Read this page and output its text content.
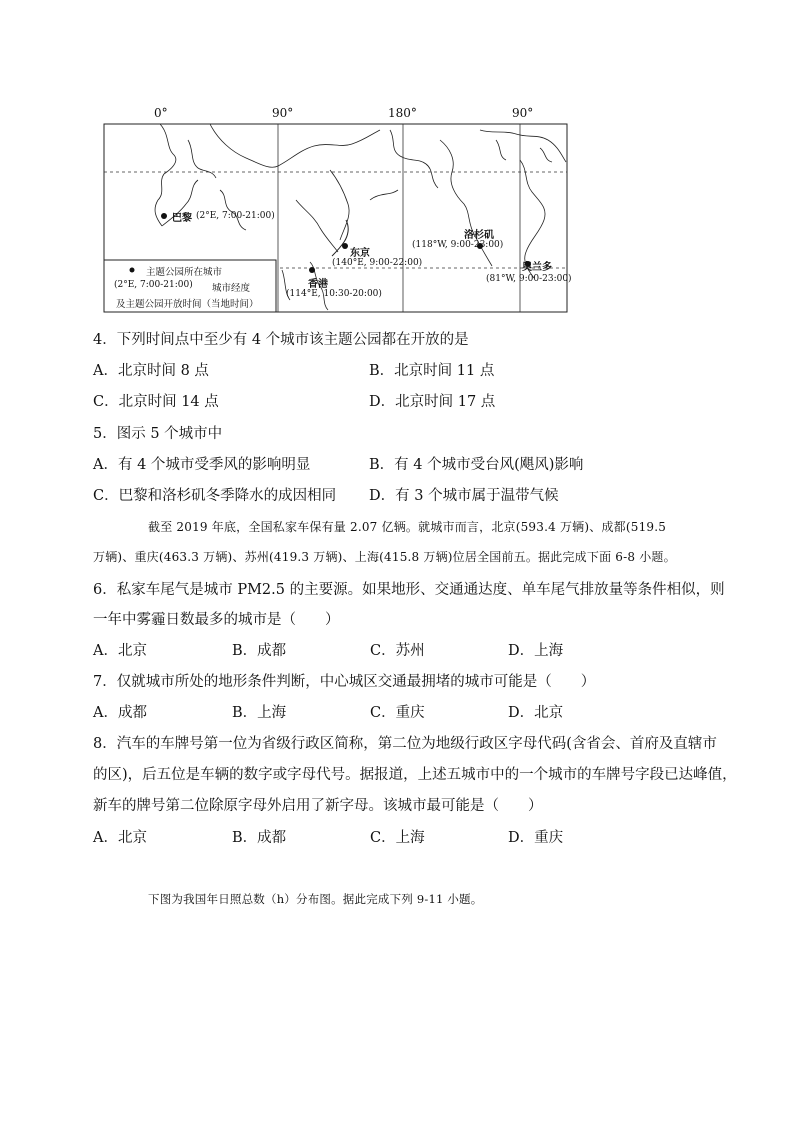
0°	90°	180°	90°
巴黎 (2°E, 7:00-21:00)
东京
(140°E, 9:00-22:00)
香港
(114°E, 10:30-20:00)
洛杉矶
(118°W, 9:00-23:00)
奥兰多
(81°W, 9:00-23:00)
主题公园所在城市
(2°E, 7:00-21:00) 城市经度
及主题公园开放时间（当地时间）
4．下列时间点中至少有 4 个城市该主题公园都在开放的是
A．北京时间 8 点	B．北京时间 11 点
C．北京时间 14 点	D．北京时间 17 点
5．图示 5 个城市中
A．有 4 个城市受季风的影响明显	B．有 4 个城市受台风(飓风)影响
C．巴黎和洛杉矶冬季降水的成因相同 D．有 3 个城市属于温带气候
截至 2019 年底，全国私家车保有量 2.07 亿辆。就城市而言，北京(593.4 万辆)、成都(519.5
万辆)、重庆(463.3 万辆)、苏州(419.3 万辆)、上海(415.8 万辆)位居全国前五。据此完成下面 6-8 小题。
6．私家车尾气是城市 PM2.5 的主要源。如果地形、交通通达度、单车尾气排放量等条件相似，则
一年中雾霾日数最多的城市是（　　）
A．北京	B．成都	C．苏州	D．上海
7．仅就城市所处的地形条件判断，中心城区交通最拥堵的城市可能是（　　）
A．成都	B．上海	C．重庆	D．北京
8．汽车的车牌号第一位为省级行政区简称，第二位为地级行政区字母代码(含省会、首府及直辖市
的区)，后五位是车辆的数字或字母代号。据报道，上述五城市中的一个城市的车牌号字段已达峰值，
新车的牌号第二位除原字母外启用了新字母。该城市最可能是（　　）
A．北京	B．成都	C．上海	D．重庆
下图为我国年日照总数（h）分布图。据此完成下列 9-11 小题。
